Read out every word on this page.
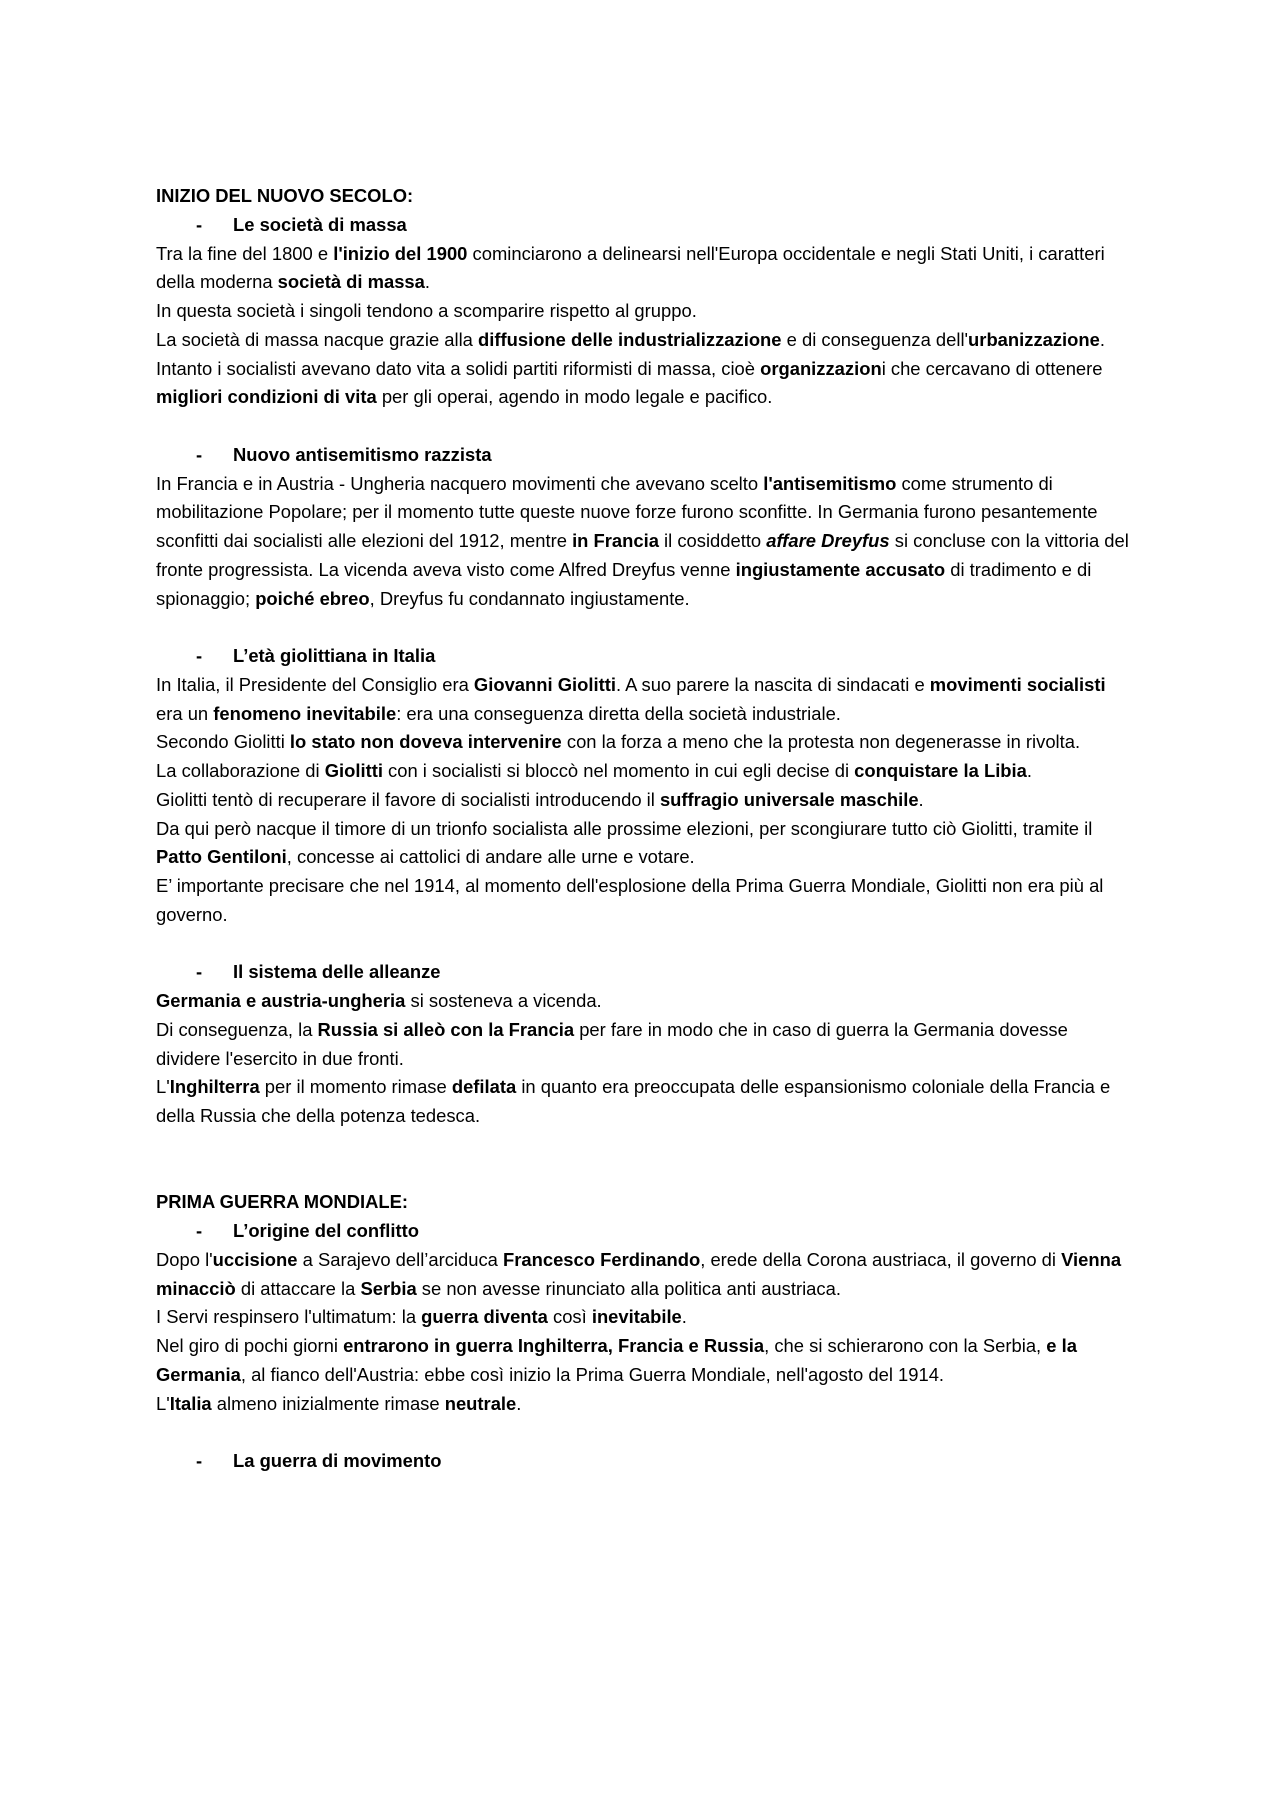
INIZIO DEL NUOVO SECOLO:

- Le società di massa

Tra la fine del 1800 e l'inizio del 1900 cominciarono a delinearsi nell'Europa occidentale e negli Stati Uniti, i caratteri della moderna società di massa.

In questa società i singoli tendono a scomparire rispetto al gruppo.

La società di massa nacque grazie alla diffusione delle industrializzazione e di conseguenza dell'urbanizzazione.

Intanto i socialisti avevano dato vita a solidi partiti riformisti di massa, cioè organizzazioni che cercavano di ottenere migliori condizioni di vita per gli operai, agendo in modo legale e pacifico.

- Nuovo antisemitismo razzista

In Francia e in Austria - Ungheria nacquero movimenti che avevano scelto l'antisemitismo come strumento di mobilitazione Popolare; per il momento tutte queste nuove forze furono sconfitte. In Germania furono pesantemente sconfitti dai socialisti alle elezioni del 1912, mentre in Francia il cosiddetto affare Dreyfus si concluse con la vittoria del fronte progressista. La vicenda aveva visto come Alfred Dreyfus venne ingiustamente accusato di tradimento e di spionaggio; poiché ebreo, Dreyfus fu condannato ingiustamente.

- L’età giolittiana in Italia

In Italia, il Presidente del Consiglio era Giovanni Giolitti. A suo parere la nascita di sindacati e movimenti socialisti era un fenomeno inevitabile: era una conseguenza diretta della società industriale.

Secondo Giolitti lo stato non doveva intervenire con la forza a meno che la protesta non degenerasse in rivolta.

La collaborazione di Giolitti con i socialisti si bloccò nel momento in cui egli decise di conquistare la Libia.

Giolitti tentò di recuperare il favore di socialisti introducendo il suffragio universale maschile.

Da qui però nacque il timore di un trionfo socialista alle prossime elezioni, per scongiurare tutto ciò Giolitti, tramite il Patto Gentiloni, concesse ai cattolici di andare alle urne e votare.

E’ importante precisare che nel 1914, al momento dell'esplosione della Prima Guerra Mondiale, Giolitti non era più al governo.

- Il sistema delle alleanze

Germania e austria-ungheria si sosteneva a vicenda.

Di conseguenza, la Russia si alleò con la Francia per fare in modo che in caso di guerra la Germania dovesse dividere l'esercito in due fronti.

L'Inghilterra per il momento rimase defilata in quanto era preoccupata delle espansionismo coloniale della Francia e della Russia che della potenza tedesca.

PRIMA GUERRA MONDIALE:

- L’origine del conflitto

Dopo l'uccisione a Sarajevo dell’arciduca Francesco Ferdinando, erede della Corona austriaca, il governo di Vienna minacciò di attaccare la Serbia se non avesse rinunciato alla politica anti austriaca.

I Servi respinsero l'ultimatum: la guerra diventa così inevitabile.

Nel giro di pochi giorni entrarono in guerra Inghilterra, Francia e Russia, che si schierarono con la Serbia, e la Germania, al fianco dell'Austria: ebbe così inizio la Prima Guerra Mondiale, nell'agosto del 1914.

L'Italia almeno inizialmente rimase neutrale.

- La guerra di movimento
